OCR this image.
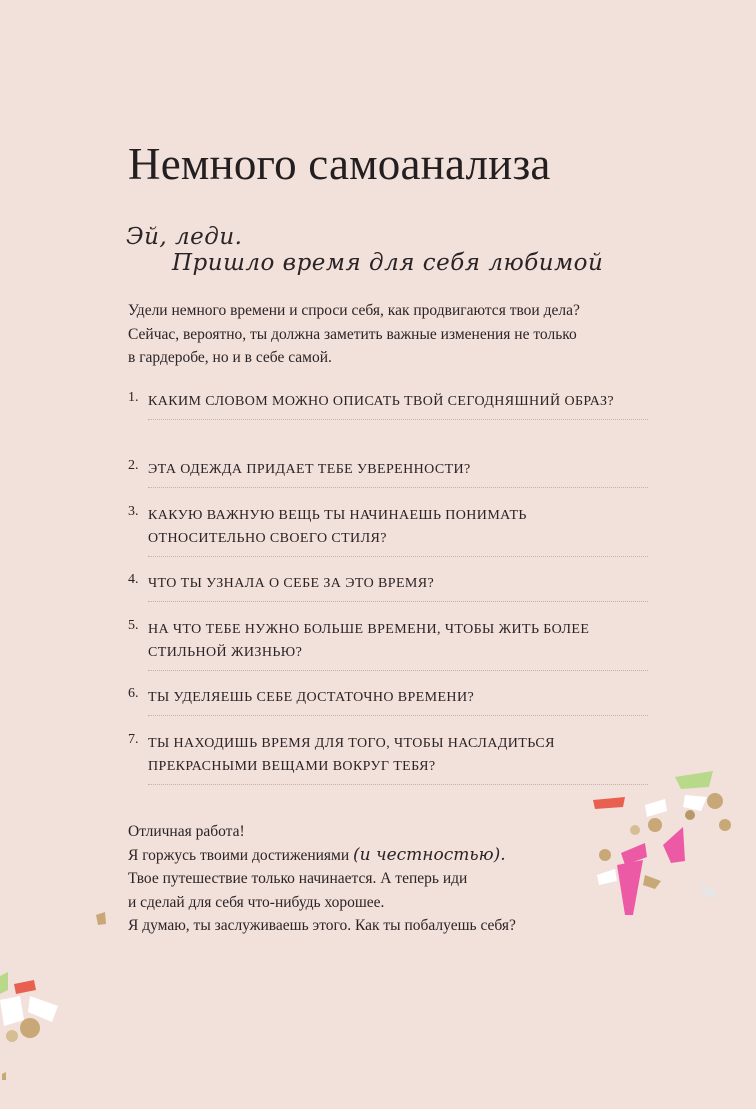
Немного самоанализа
Эй, леди.
Пришло время для себя любимой

Удели немного времени и спроси себя, как продвигаются твои дела?

Сейчас, вероятно, ты должна заметить важные изменения не только

в гардеробе, но и в себе самой.

1. КАКИМ СЛОВОМ МОЖНО ОПИСАТЬ ТВОЙ СЕГОДНЯШНИЙ ОБРАЗ?
2. ЭТА ОДЕЖДА ПРИДАЕТ ТЕБЕ УВЕРЕННОСТИ?
3. КАКУЮ ВАЖНУЮ ВЕЩЬ ТЫ НАЧИНАЕШЬ ПОНИМАТЬ ОТНОСИТЕЛЬНО СВОЕГО СТИЛЯ?
4. ЧТО ТЫ УЗНАЛА О СЕБЕ ЗА ЭТО ВРЕМЯ?
5. НА ЧТО ТЕБЕ НУЖНО БОЛЬШЕ ВРЕМЕНИ, ЧТОБЫ ЖИТЬ БОЛЕЕ СТИЛЬНОЙ ЖИЗНЬЮ?
6. ТЫ УДЕЛЯЕШЬ СЕБЕ ДОСТАТОЧНО ВРЕМЕНИ?
7. ТЫ НАХОДИШЬ ВРЕМЯ ДЛЯ ТОГО, ЧТОБЫ НАСЛАДИТЬСЯ ПРЕКРАСНЫМИ ВЕЩАМИ ВОКРУГ ТЕБЯ?

Отличная работа!

Я горжусь твоими достижениями (и честностью).

Твое путешествие только начинается. А теперь иди

и сделай для себя что-нибудь хорошее.

Я думаю, ты заслуживаешь этого. Как ты побалуешь себя?
